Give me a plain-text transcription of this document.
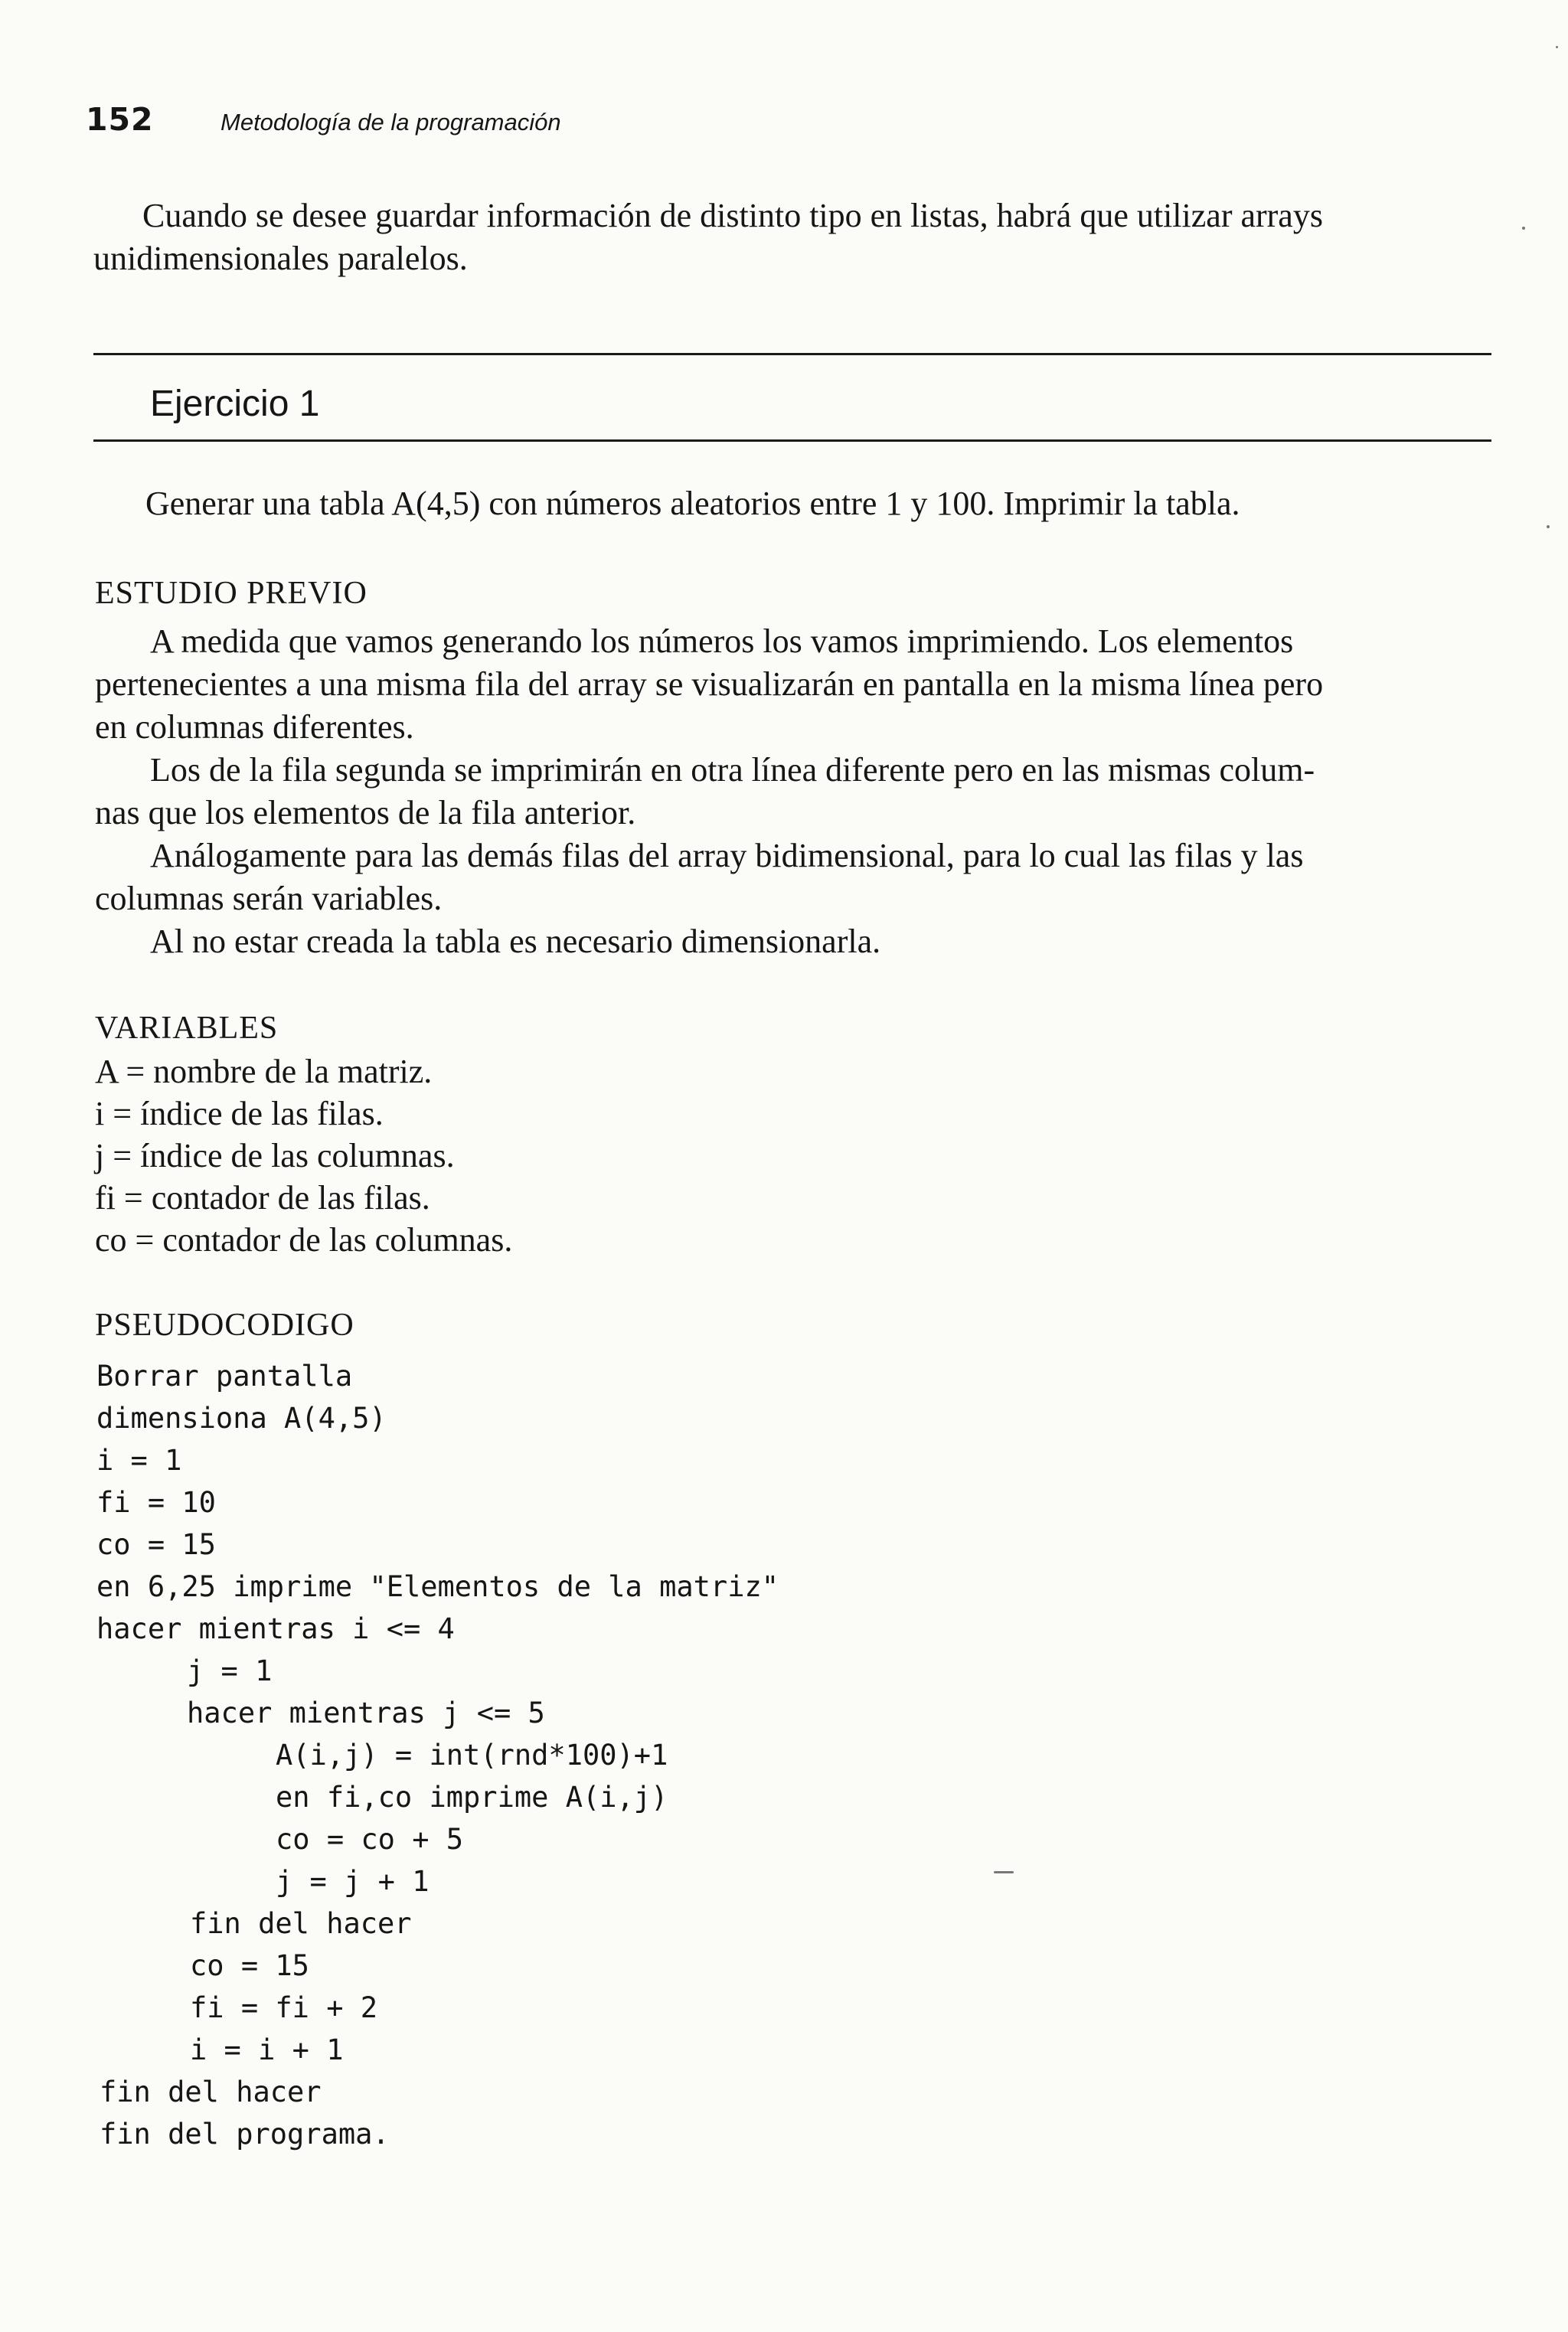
152	Metodología de la programación
Cuando se desee guardar información de distinto tipo en listas, habrá que utilizar arrays
unidimensionales paralelos.
Ejercicio 1
Generar una tabla A(4,5) con números aleatorios entre 1 y 100. Imprimir la tabla.
ESTUDIO PREVIO
A medida que vamos generando los números los vamos imprimiendo. Los elementos
pertenecientes a una misma fila del array se visualizarán en pantalla en la misma línea pero
en columnas diferentes.
Los de la fila segunda se imprimirán en otra línea diferente pero en las mismas colum-
nas que los elementos de la fila anterior.
Análogamente para las demás filas del array bidimensional, para lo cual las filas y las
columnas serán variables.
Al no estar creada la tabla es necesario dimensionarla.
VARIABLES
A = nombre de la matriz.
i = índice de las filas.
j = índice de las columnas.
fi = contador de las filas.
co = contador de las columnas.
PSEUDOCODIGO
Borrar pantalla
dimensiona A(4,5)
i = 1
fi = 10
co = 15
en 6,25 imprime "Elementos de la matriz"
hacer mientras i <= 4
j = 1
hacer mientras j <= 5
A(i,j) = int(rnd*100)+1
en fi,co imprime A(i,j)
co = co + 5
j = j + 1
fin del hacer
co = 15
fi = fi + 2
i = i + 1
fin del hacer
fin del programa.
